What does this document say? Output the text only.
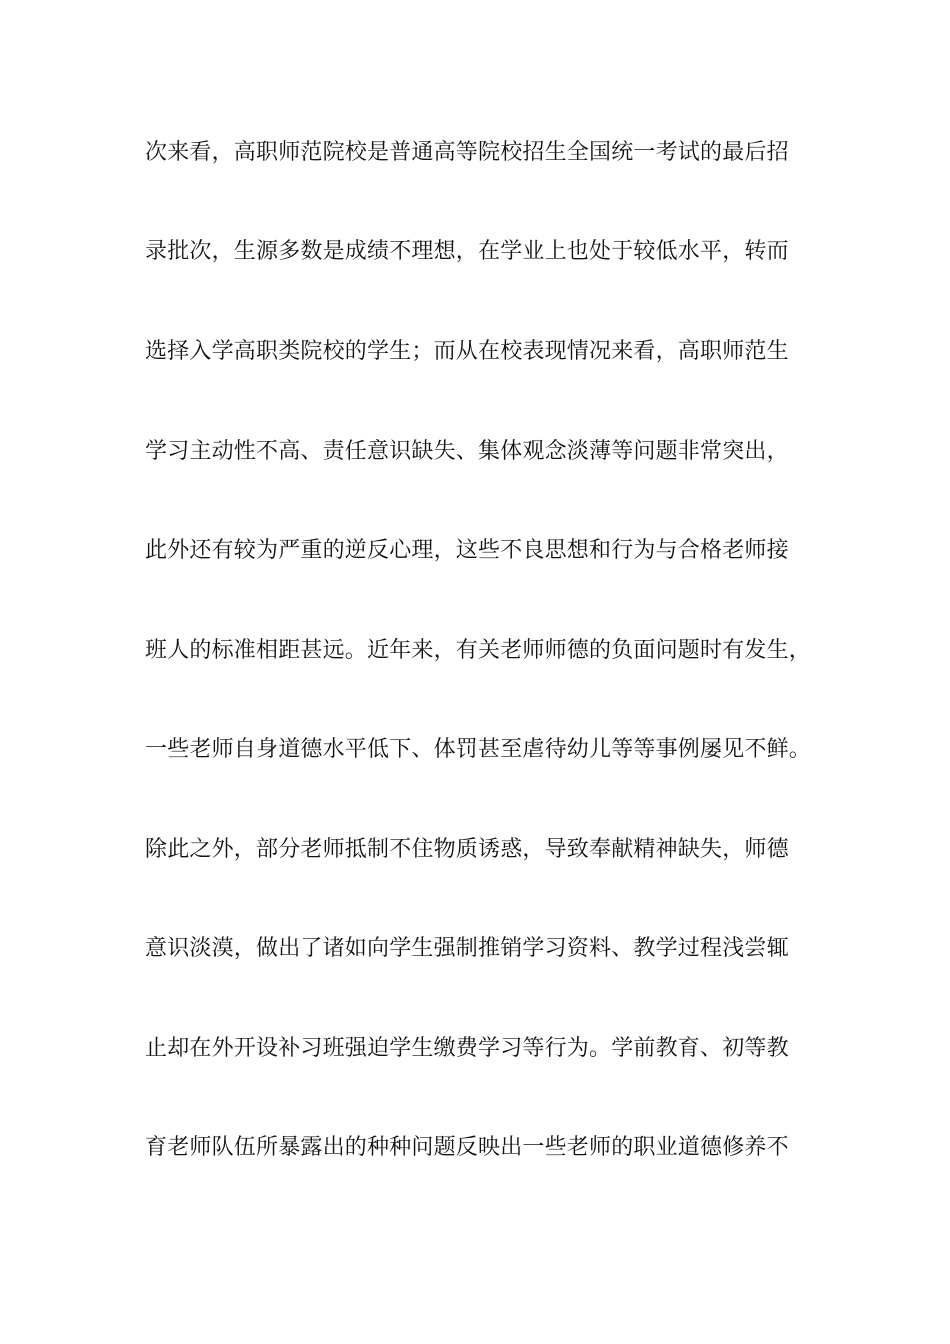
次来看，高职师范院校是普通高等院校招生全国统一考试的最后招
录批次，生源多数是成绩不理想，在学业上也处于较低水平，转而
选择入学高职类院校的学生；而从在校表现情况来看，高职师范生
学习主动性不高、责任意识缺失、集体观念淡薄等问题非常突出，
此外还有较为严重的逆反心理，这些不良思想和行为与合格老师接
班人的标准相距甚远。近年来，有关老师师德的负面问题时有发生，
一些老师自身道德水平低下、体罚甚至虐待幼儿等等事例屡见不鲜。
除此之外，部分老师抵制不住物质诱惑，导致奉献精神缺失，师德
意识淡漠，做出了诸如向学生强制推销学习资料、教学过程浅尝辄
止却在外开设补习班强迫学生缴费学习等行为。学前教育、初等教
育老师队伍所暴露出的种种问题反映出一些老师的职业道德修养不
